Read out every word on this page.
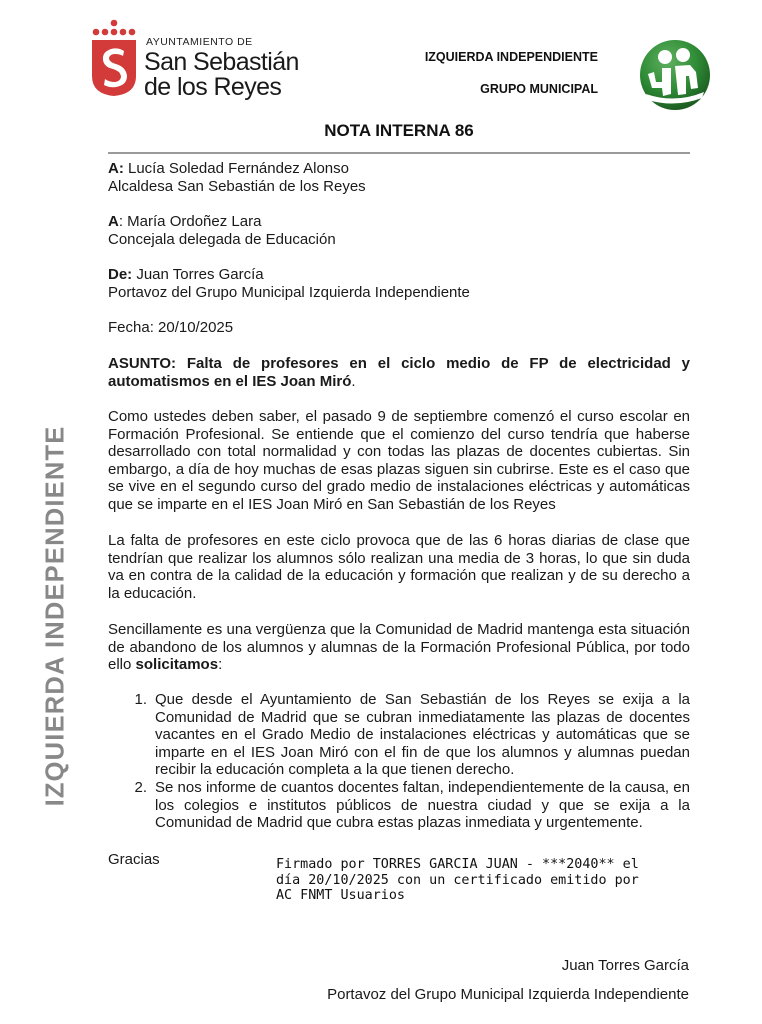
AYUNTAMIENTO DE
San Sebastián
de los Reyes
IZQUIERDA INDEPENDIENTE
GRUPO MUNICIPAL
NOTA INTERNA 86
A: Lucía Soledad Fernández Alonso
Alcaldesa San Sebastián de los Reyes
A: María Ordoñez Lara
Concejala delegada de Educación
De: Juan Torres García
Portavoz del Grupo Municipal Izquierda Independiente
Fecha: 20/10/2025
ASUNTO: Falta de profesores en el ciclo medio de FP de electricidad y automatismos en el IES Joan Miró.
Como ustedes deben saber, el pasado 9 de septiembre comenzó el curso escolar en Formación Profesional. Se entiende que el comienzo del curso tendría que haberse desarrollado con total normalidad y con todas las plazas de docentes cubiertas. Sin embargo, a día de hoy muchas de esas plazas siguen sin cubrirse. Este es el caso que se vive en el segundo curso del grado medio de instalaciones eléctricas y automáticas que se imparte en el IES Joan Miró en San Sebastián de los Reyes
La falta de profesores en este ciclo provoca que de las 6 horas diarias de clase que tendrían que realizar los alumnos sólo realizan una media de 3 horas, lo que sin duda va en contra de la calidad de la educación y formación que realizan y de su derecho a la educación.
Sencillamente es una vergüenza que la Comunidad de Madrid mantenga esta situación de abandono de los alumnos y alumnas de la Formación Profesional Pública, por todo ello solicitamos:
1. Que desde el Ayuntamiento de San Sebastián de los Reyes se exija a la Comunidad de Madrid que se cubran inmediatamente las plazas de docentes vacantes en el Grado Medio de instalaciones eléctricas y automáticas que se imparte en el IES Joan Miró con el fin de que los alumnos y alumnas puedan recibir la educación completa a la que tienen derecho.
2. Se nos informe de cuantos docentes faltan, independientemente de la causa, en los colegios e institutos públicos de nuestra ciudad y que se exija a la Comunidad de Madrid que cubra estas plazas inmediata y urgentemente.
Gracias	Firmado por TORRES GARCIA JUAN - ***2040** el
día 20/10/2025 con un certificado emitido por
AC FNMT Usuarios
Juan Torres García
Portavoz del Grupo Municipal Izquierda Independiente
IZQUIERDA INDEPENDIENTE
